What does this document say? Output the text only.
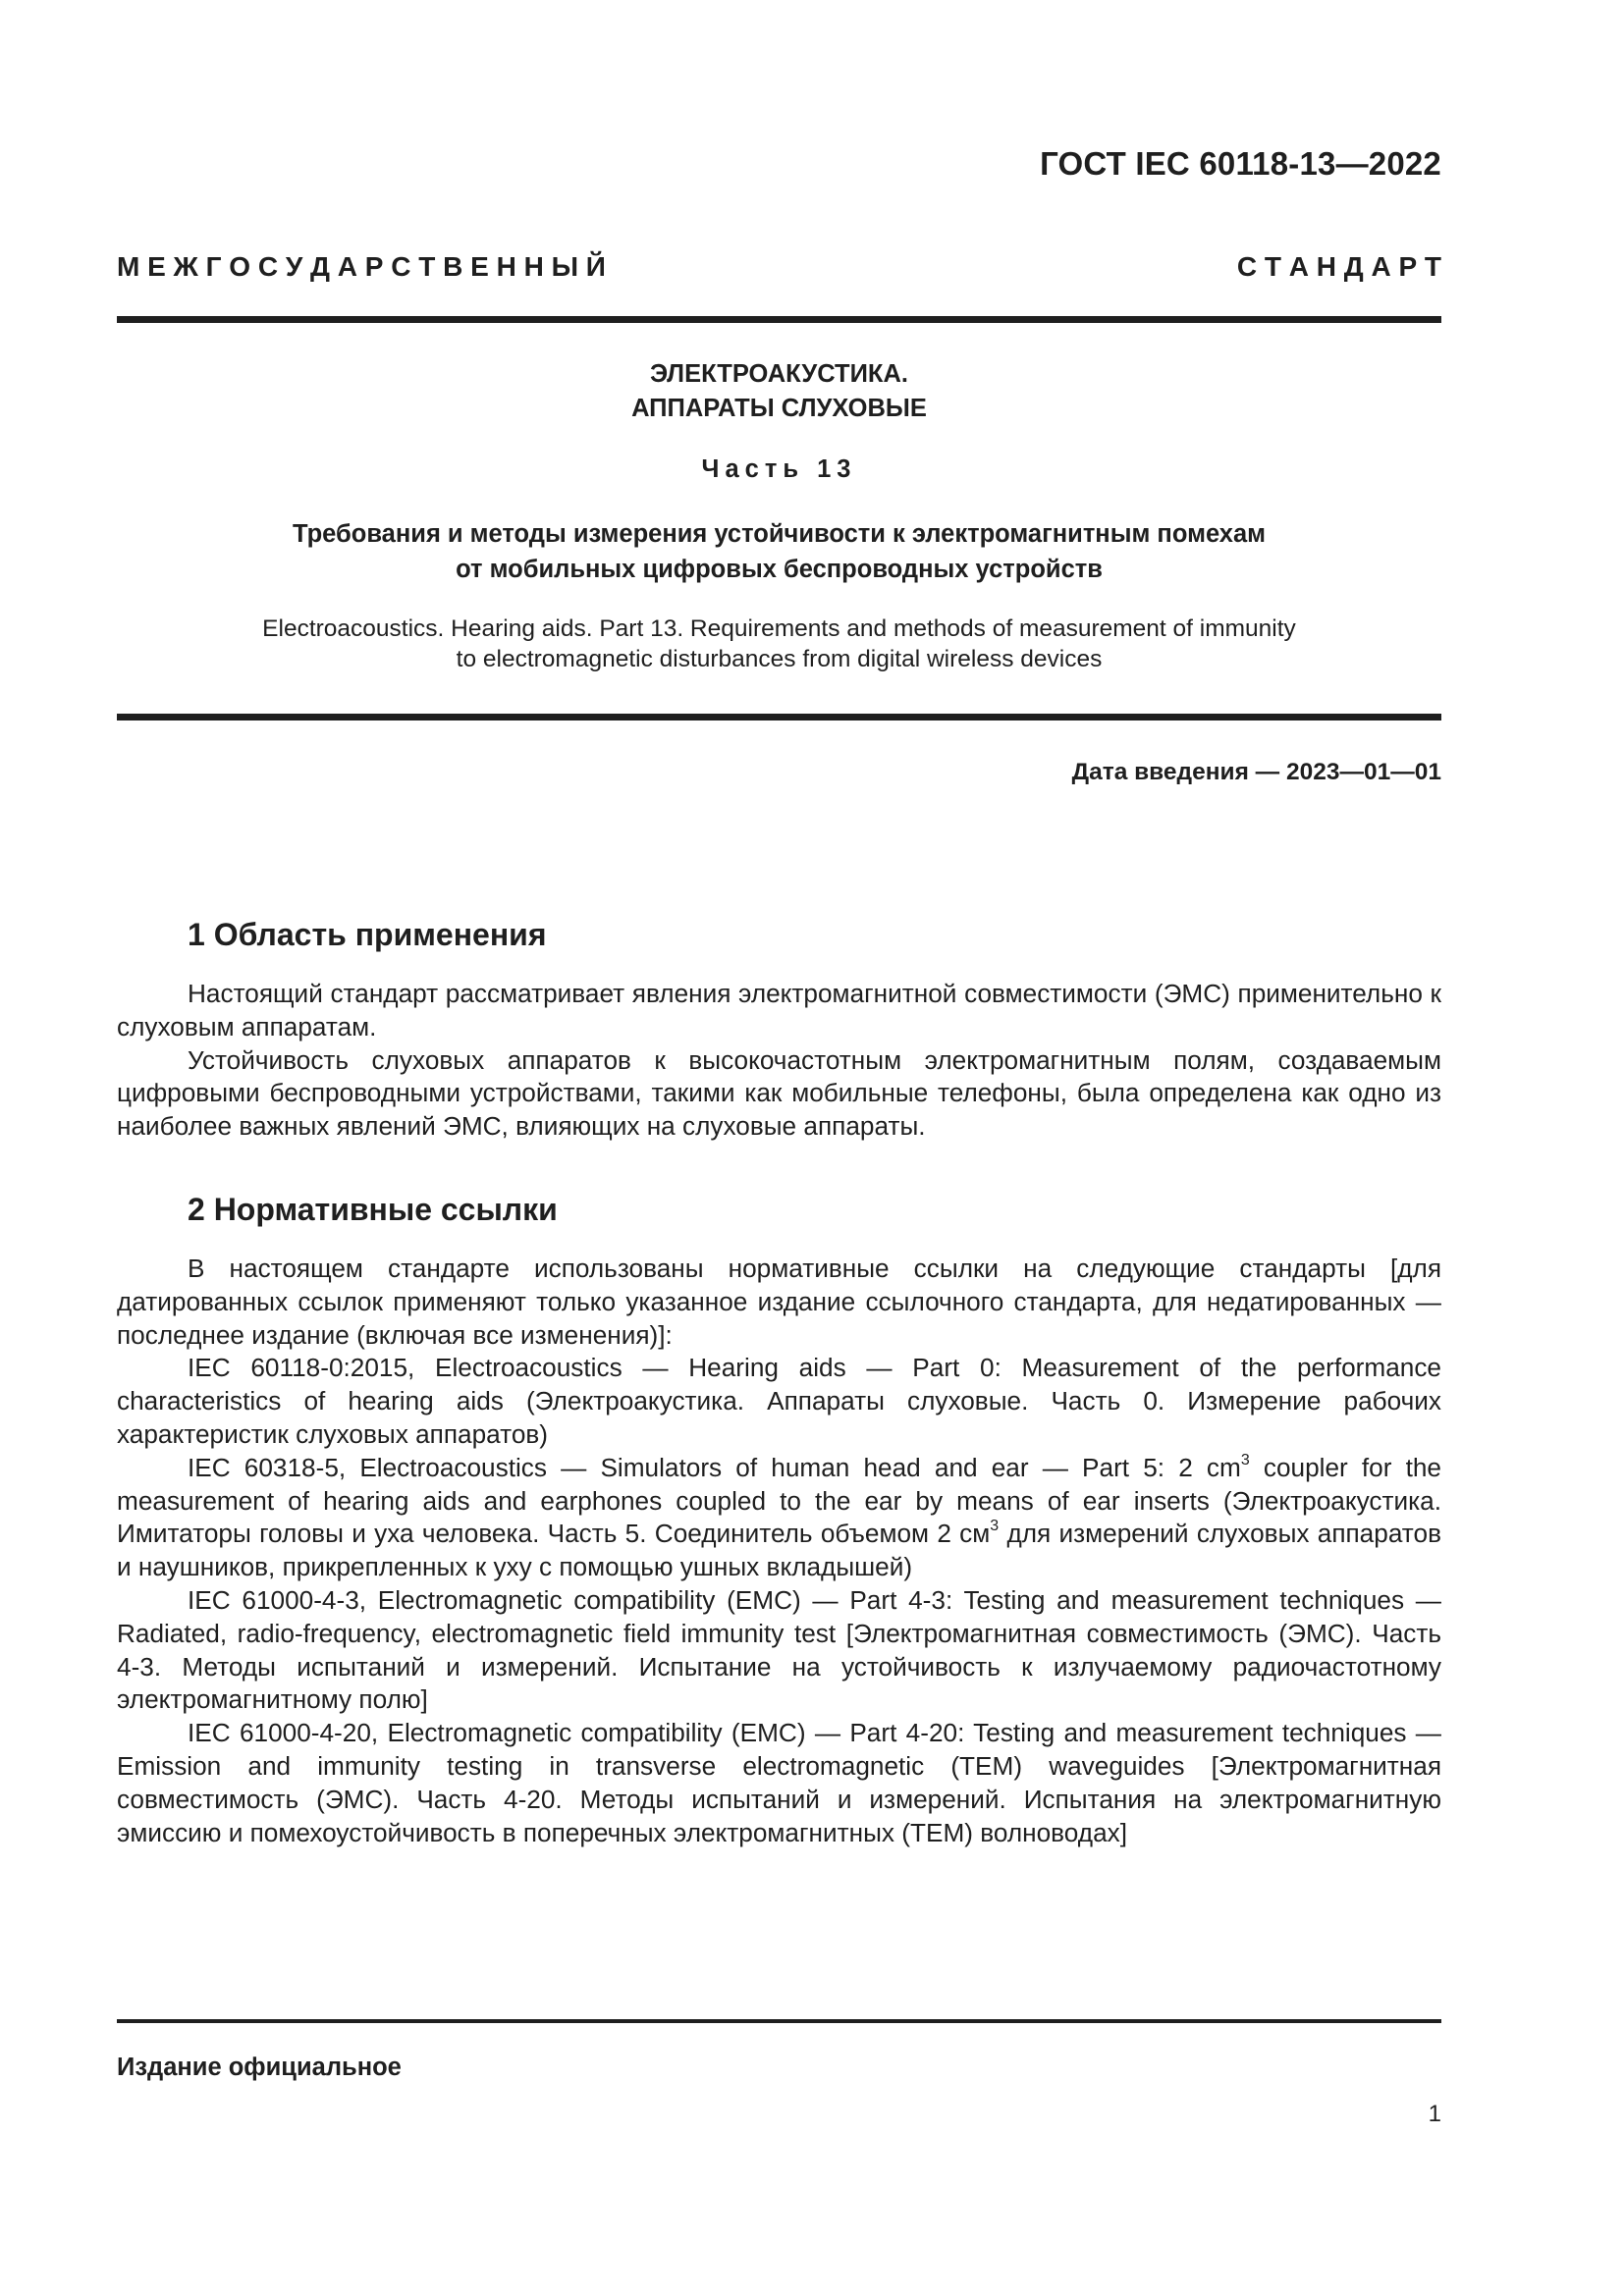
ГОСТ IEC 60118-13—2022
М Е Ж Г О С У Д А Р С Т В Е Н Н Ы Й	С Т А Н Д А Р Т
ЭЛЕКТРОАКУСТИКА.
АППАРАТЫ СЛУХОВЫЕ
Часть 13
Требования и методы измерения устойчивости к электромагнитным помехам
от мобильных цифровых беспроводных устройств
Electroacoustics. Hearing aids. Part 13. Requirements and methods of measurement of immunity
to electromagnetic disturbances from digital wireless devices
Дата введения — 2023—01—01
1 Область применения

Настоящий стандарт рассматривает явления электромагнитной совместимости (ЭМС) применительно к слуховым аппаратам.

Устойчивость слуховых аппаратов к высокочастотным электромагнитным полям, создаваемым цифровыми беспроводными устройствами, такими как мобильные телефоны, была определена как одно из наиболее важных явлений ЭМС, влияющих на слуховые аппараты.

2 Нормативные ссылки

В настоящем стандарте использованы нормативные ссылки на следующие стандарты [для датированных ссылок применяют только указанное издание ссылочного стандарта, для недатированных — последнее издание (включая все изменения)]:

IEC 60118-0:2015, Electroacoustics — Hearing aids — Part 0: Measurement of the performance characteristics of hearing aids (Электроакустика. Аппараты слуховые. Часть 0. Измерение рабочих характеристик слуховых аппаратов)

IEC 60318-5, Electroacoustics — Simulators of human head and ear — Part 5: 2 $cm^3$ coupler for the measurement of hearing aids and earphones coupled to the ear by means of ear inserts (Электроакустика. Имитаторы головы и уха человека. Часть 5. Соединитель объемом 2 $см^3$ для измерений слуховых аппаратов и наушников, прикрепленных к уху с помощью ушных вкладышей)

IEC 61000-4-3, Electromagnetic compatibility (EMC) — Part 4-3: Testing and measurement techniques — Radiated, radio-frequency, electromagnetic field immunity test [Электромагнитная совместимость (ЭМС). Часть 4-3. Методы испытаний и измерений. Испытание на устойчивость к излучаемому радиочастотному электромагнитному полю]

IEC 61000-4-20, Electromagnetic compatibility (EMC) — Part 4-20: Testing and measurement techniques — Emission and immunity testing in transverse electromagnetic (TEM) waveguides [Электромагнитная совместимость (ЭМС). Часть 4-20. Методы испытаний и измерений. Испытания на электромагнитную эмиссию и помехоустойчивость в поперечных электромагнитных (TEM) волноводах]

Издание официальное
1
